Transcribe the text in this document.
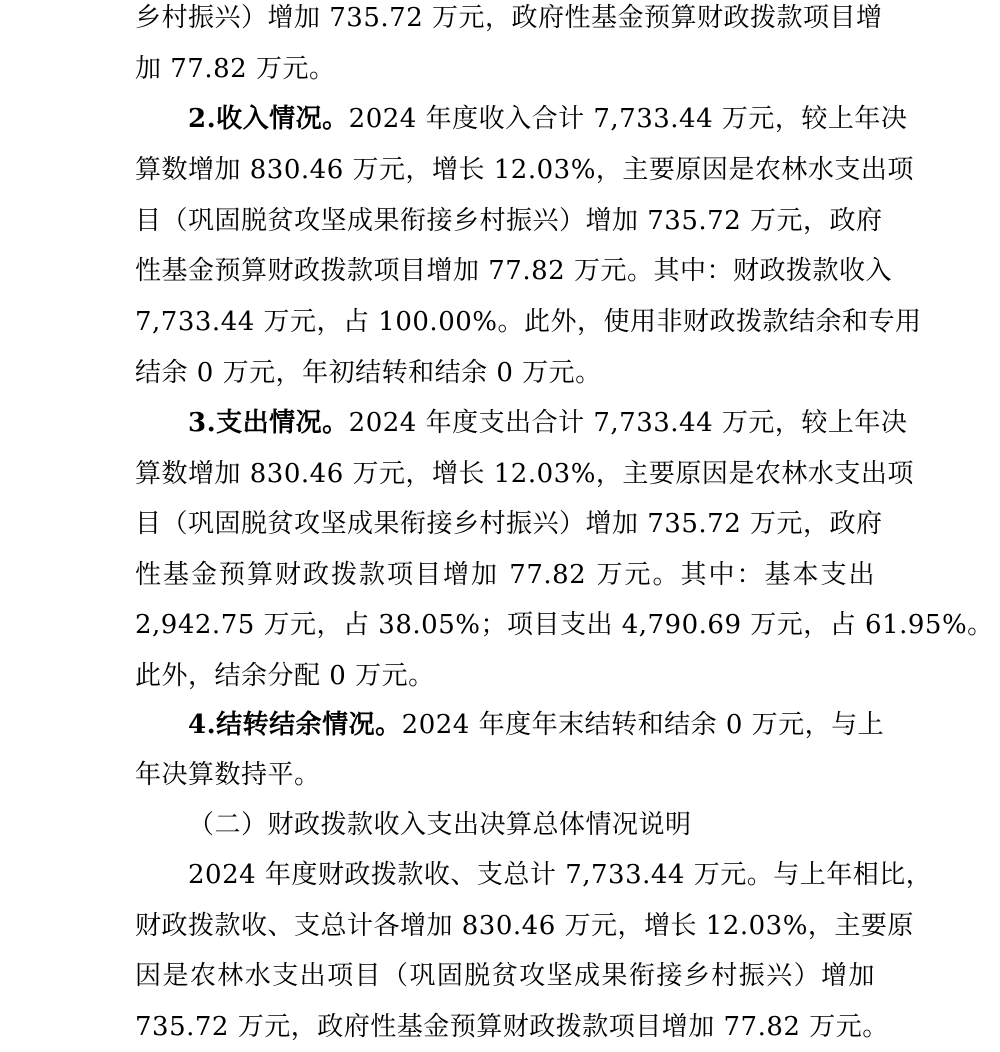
乡村振兴）增加 735.72 万元，政府性基金预算财政拨款项目增
加 77.82 万元。
2.收入情况。2024 年度收入合计 7,733.44 万元，较上年决
算数增加 830.46 万元，增长 12.03%，主要原因是农林水支出项
目（巩固脱贫攻坚成果衔接乡村振兴）增加 735.72 万元，政府
性基金预算财政拨款项目增加 77.82 万元。其中：财政拨款收入
7,733.44 万元，占 100.00%。此外，使用非财政拨款结余和专用
结余 0 万元，年初结转和结余 0 万元。
3.支出情况。2024 年度支出合计 7,733.44 万元，较上年决
算数增加 830.46 万元，增长 12.03%，主要原因是农林水支出项
目（巩固脱贫攻坚成果衔接乡村振兴）增加 735.72 万元，政府
性基金预算财政拨款项目增加 77.82 万元。其中：基本支出
2,942.75 万元，占 38.05%；项目支出 4,790.69 万元，占 61.95%。
此外，结余分配 0 万元。
4.结转结余情况。2024 年度年末结转和结余 0 万元，与上
年决算数持平。
（二）财政拨款收入支出决算总体情况说明
2024 年度财政拨款收、支总计 7,733.44 万元。与上年相比，
财政拨款收、支总计各增加 830.46 万元，增长 12.03%，主要原
因是农林水支出项目（巩固脱贫攻坚成果衔接乡村振兴）增加
735.72 万元，政府性基金预算财政拨款项目增加 77.82 万元。
